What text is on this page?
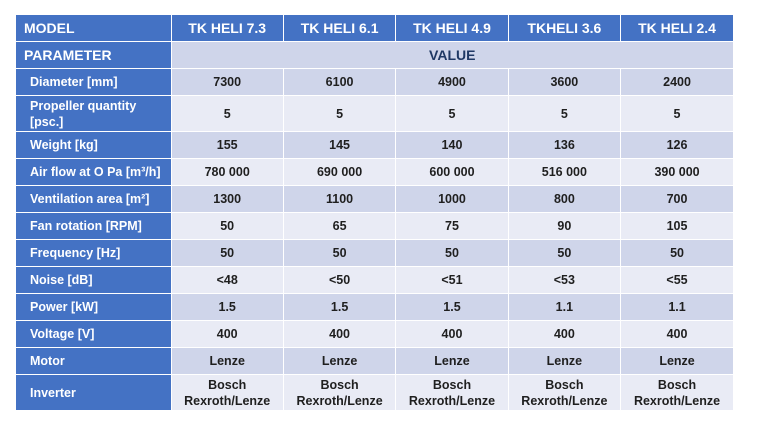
MODEL	TK HELI 7.3	TK HELI 6.1	TK HELI 4.9	TKHELI 3.6	TK HELI 2.4
PARAMETER	VALUE				
Diameter [mm]	7300	6100	4900	3600	2400
Propeller quantity [psc.]	5	5	5	5	5
Weight [kg]	155	145	140	136	126
Air flow at O Pa [m³/h]	780 000	690 000	600 000	516 000	390 000
Ventilation area [m²]	1300	1100	1000	800	700
Fan rotation [RPM]	50	65	75	90	105
Frequency [Hz]	50	50	50	50	50
Noise [dB]	<48	<50	<51	<53	<55
Power [kW]	1.5	1.5	1.5	1.1	1.1
Voltage [V]	400	400	400	400	400
Motor	Lenze	Lenze	Lenze	Lenze	Lenze
Inverter	Bosch Rexroth/Lenze	Bosch Rexroth/Lenze	Bosch Rexroth/Lenze	Bosch Rexroth/Lenze	Bosch Rexroth/Lenze
